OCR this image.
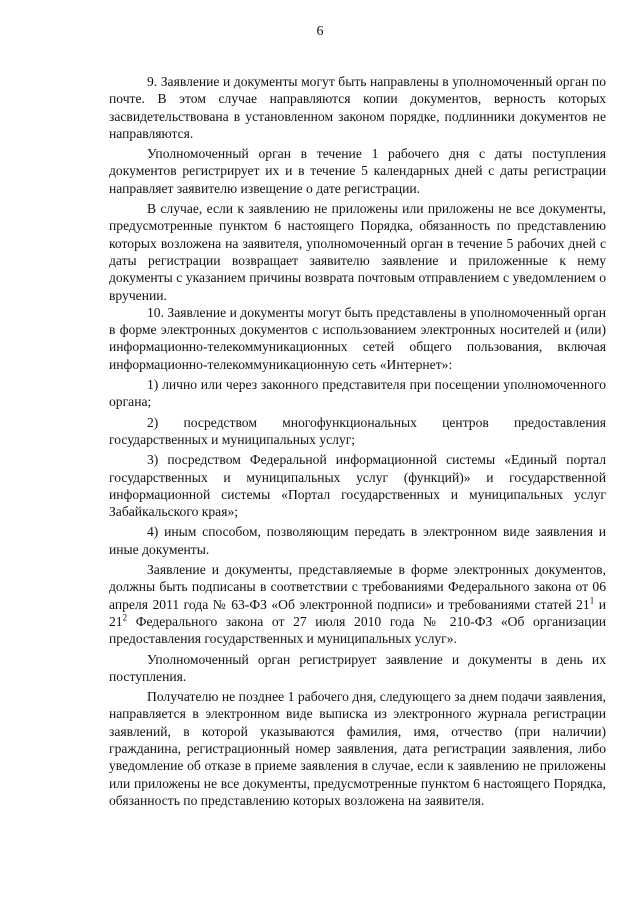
6

9. Заявление и документы могут быть направлены в уполномоченный орган по почте. В этом случае направляются копии документов, верность которых засвидетельствована в установленном законом порядке, подлинники документов не направляются.

Уполномоченный орган в течение 1 рабочего дня с даты поступления документов регистрирует их и в течение 5 календарных дней с даты регистрации направляет заявителю извещение о дате регистрации.

В случае, если к заявлению не приложены или приложены не все документы, предусмотренные пунктом 6 настоящего Порядка, обязанность по представлению которых возложена на заявителя, уполномоченный орган в течение 5 рабочих дней с даты регистрации возвращает заявителю заявление и приложенные к нему документы с указанием причины возврата почтовым отправлением с уведомлением о вручении.

10. Заявление и документы могут быть представлены в уполномоченный орган в форме электронных документов с использованием электронных носителей и (или) информационно-телекоммуникационных сетей общего пользования, включая информационно-телекоммуникационную сеть «Интернет»:

1) лично или через законного представителя при посещении уполномоченного органа;

2) посредством многофункциональных центров предоставления государственных и муниципальных услуг;

3) посредством Федеральной информационной системы «Единый портал государственных и муниципальных услуг (функций)» и государственной информационной системы «Портал государственных и муниципальных услуг Забайкальского края»;

4) иным способом, позволяющим передать в электронном виде заявления и иные документы.

Заявление и документы, представляемые в форме электронных документов, должны быть подписаны в соответствии с требованиями Федерального закона от 06 апреля 2011 года № 63-ФЗ «Об электронной подписи» и требованиями статей $21^1$ и $21^2$ Федерального закона от 27 июля 2010 года № 210-ФЗ «Об организации предоставления государственных и муниципальных услуг».

Уполномоченный орган регистрирует заявление и документы в день их поступления.

Получателю не позднее 1 рабочего дня, следующего за днем подачи заявления, направляется в электронном виде выписка из электронного журнала регистрации заявлений, в которой указываются фамилия, имя, отчество (при наличии) гражданина, регистрационный номер заявления, дата регистрации заявления, либо уведомление об отказе в приеме заявления в случае, если к заявлению не приложены или приложены не все документы, предусмотренные пунктом 6 настоящего Порядка, обязанность по представлению которых возложена на заявителя.
